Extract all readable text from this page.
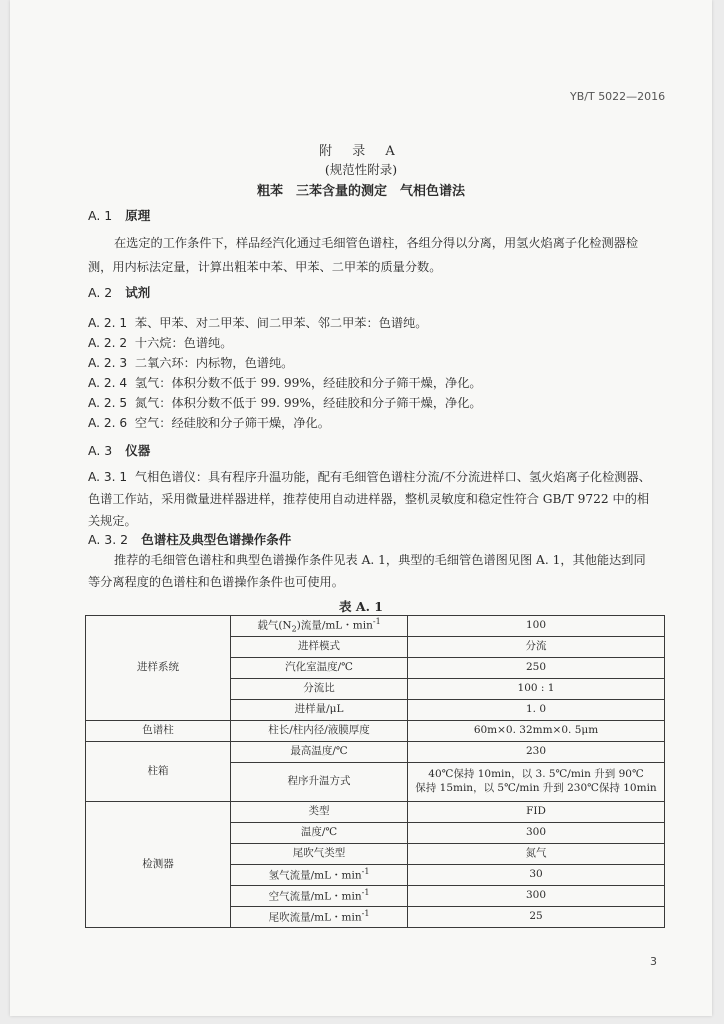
YB/T 5022—2016
附 录 A
(规范性附录)
粗苯　三苯含量的测定　气相色谱法
A. 1 原理
在选定的工作条件下，样品经汽化通过毛细管色谱柱，各组分得以分离，用氢火焰离子化检测器检
测，用内标法定量，计算出粗苯中苯、甲苯、二甲苯的质量分数。
A. 2 试剂
A. 2. 1 苯、甲苯、对二甲苯、间二甲苯、邻二甲苯：色谱纯。
A. 2. 2 十六烷：色谱纯。
A. 2. 3 二氧六环：内标物，色谱纯。
A. 2. 4 氢气：体积分数不低于 99. 99%，经硅胶和分子筛干燥，净化。
A. 2. 5 氮气：体积分数不低于 99. 99%，经硅胶和分子筛干燥，净化。
A. 2. 6 空气：经硅胶和分子筛干燥，净化。
A. 3 仪器
A. 3. 1 气相色谱仪：具有程序升温功能，配有毛细管色谱柱分流/不分流进样口、氢火焰离子化检测器、
色谱工作站，采用微量进样器进样，推荐使用自动进样器，整机灵敏度和稳定性符合 GB/T 9722 中的相
关规定。
A. 3. 2 色谱柱及典型色谱操作条件
推荐的毛细管色谱柱和典型色谱操作条件见表 A. 1，典型的毛细管色谱图见图 A. 1，其他能达到同
等分离程度的色谱柱和色谱操作条件也可使用。
表 A. 1
进样系统	载气$(N_2)$流量/mL・$\min^{-1}$	100
	进样模式	分流
	汽化室温度/℃	250
	分流比	100 : 1
	进样量/μL	1. 0
色谱柱	柱长/柱内径/液膜厚度	60m×0. 32mm×0. 5μm
柱箱	最高温度/℃	230
	程序升温方式	40℃保持 10min，以 3. 5℃/min 升到 90℃
保持 15min，以 5℃/min 升到 230℃保持 10min

检测器	类型	FID
	温度/℃	300
	尾吹气类型	氮气
	氢气流量/mL・$\min^{-1}$	30
	空气流量/mL・$\min^{-1}$	300
	尾吹流量/mL・$\min^{-1}$	25
3
